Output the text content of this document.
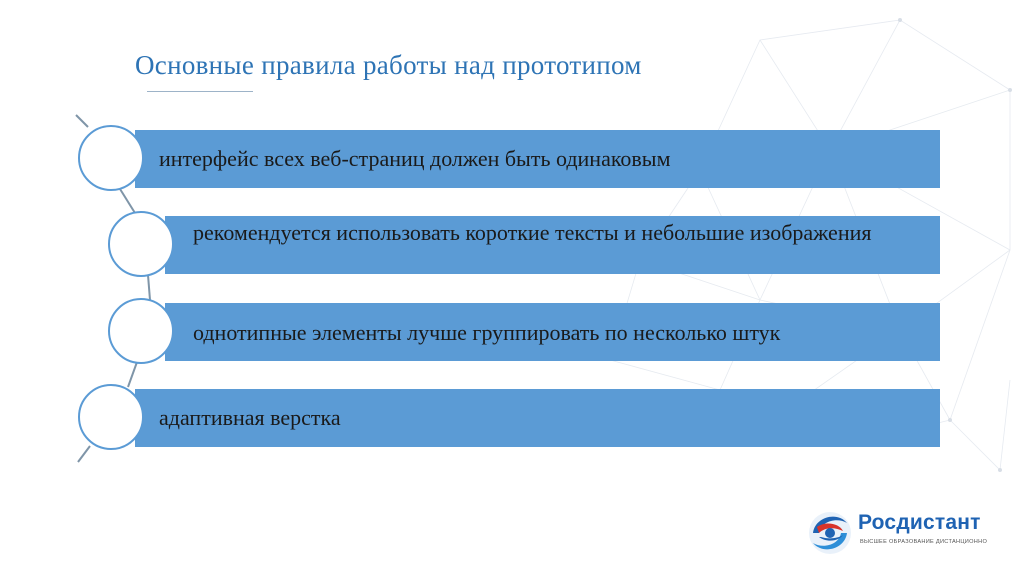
Основные правила работы над прототипом
интерфейс всех веб-страниц должен быть одинаковым
рекомендуется использовать короткие тексты и небольшие изображения
однотипные элементы лучше группировать по несколько штук
адаптивная верстка
Росдистант
ВЫСШЕЕ ОБРАЗОВАНИЕ ДИСТАНЦИОННО
